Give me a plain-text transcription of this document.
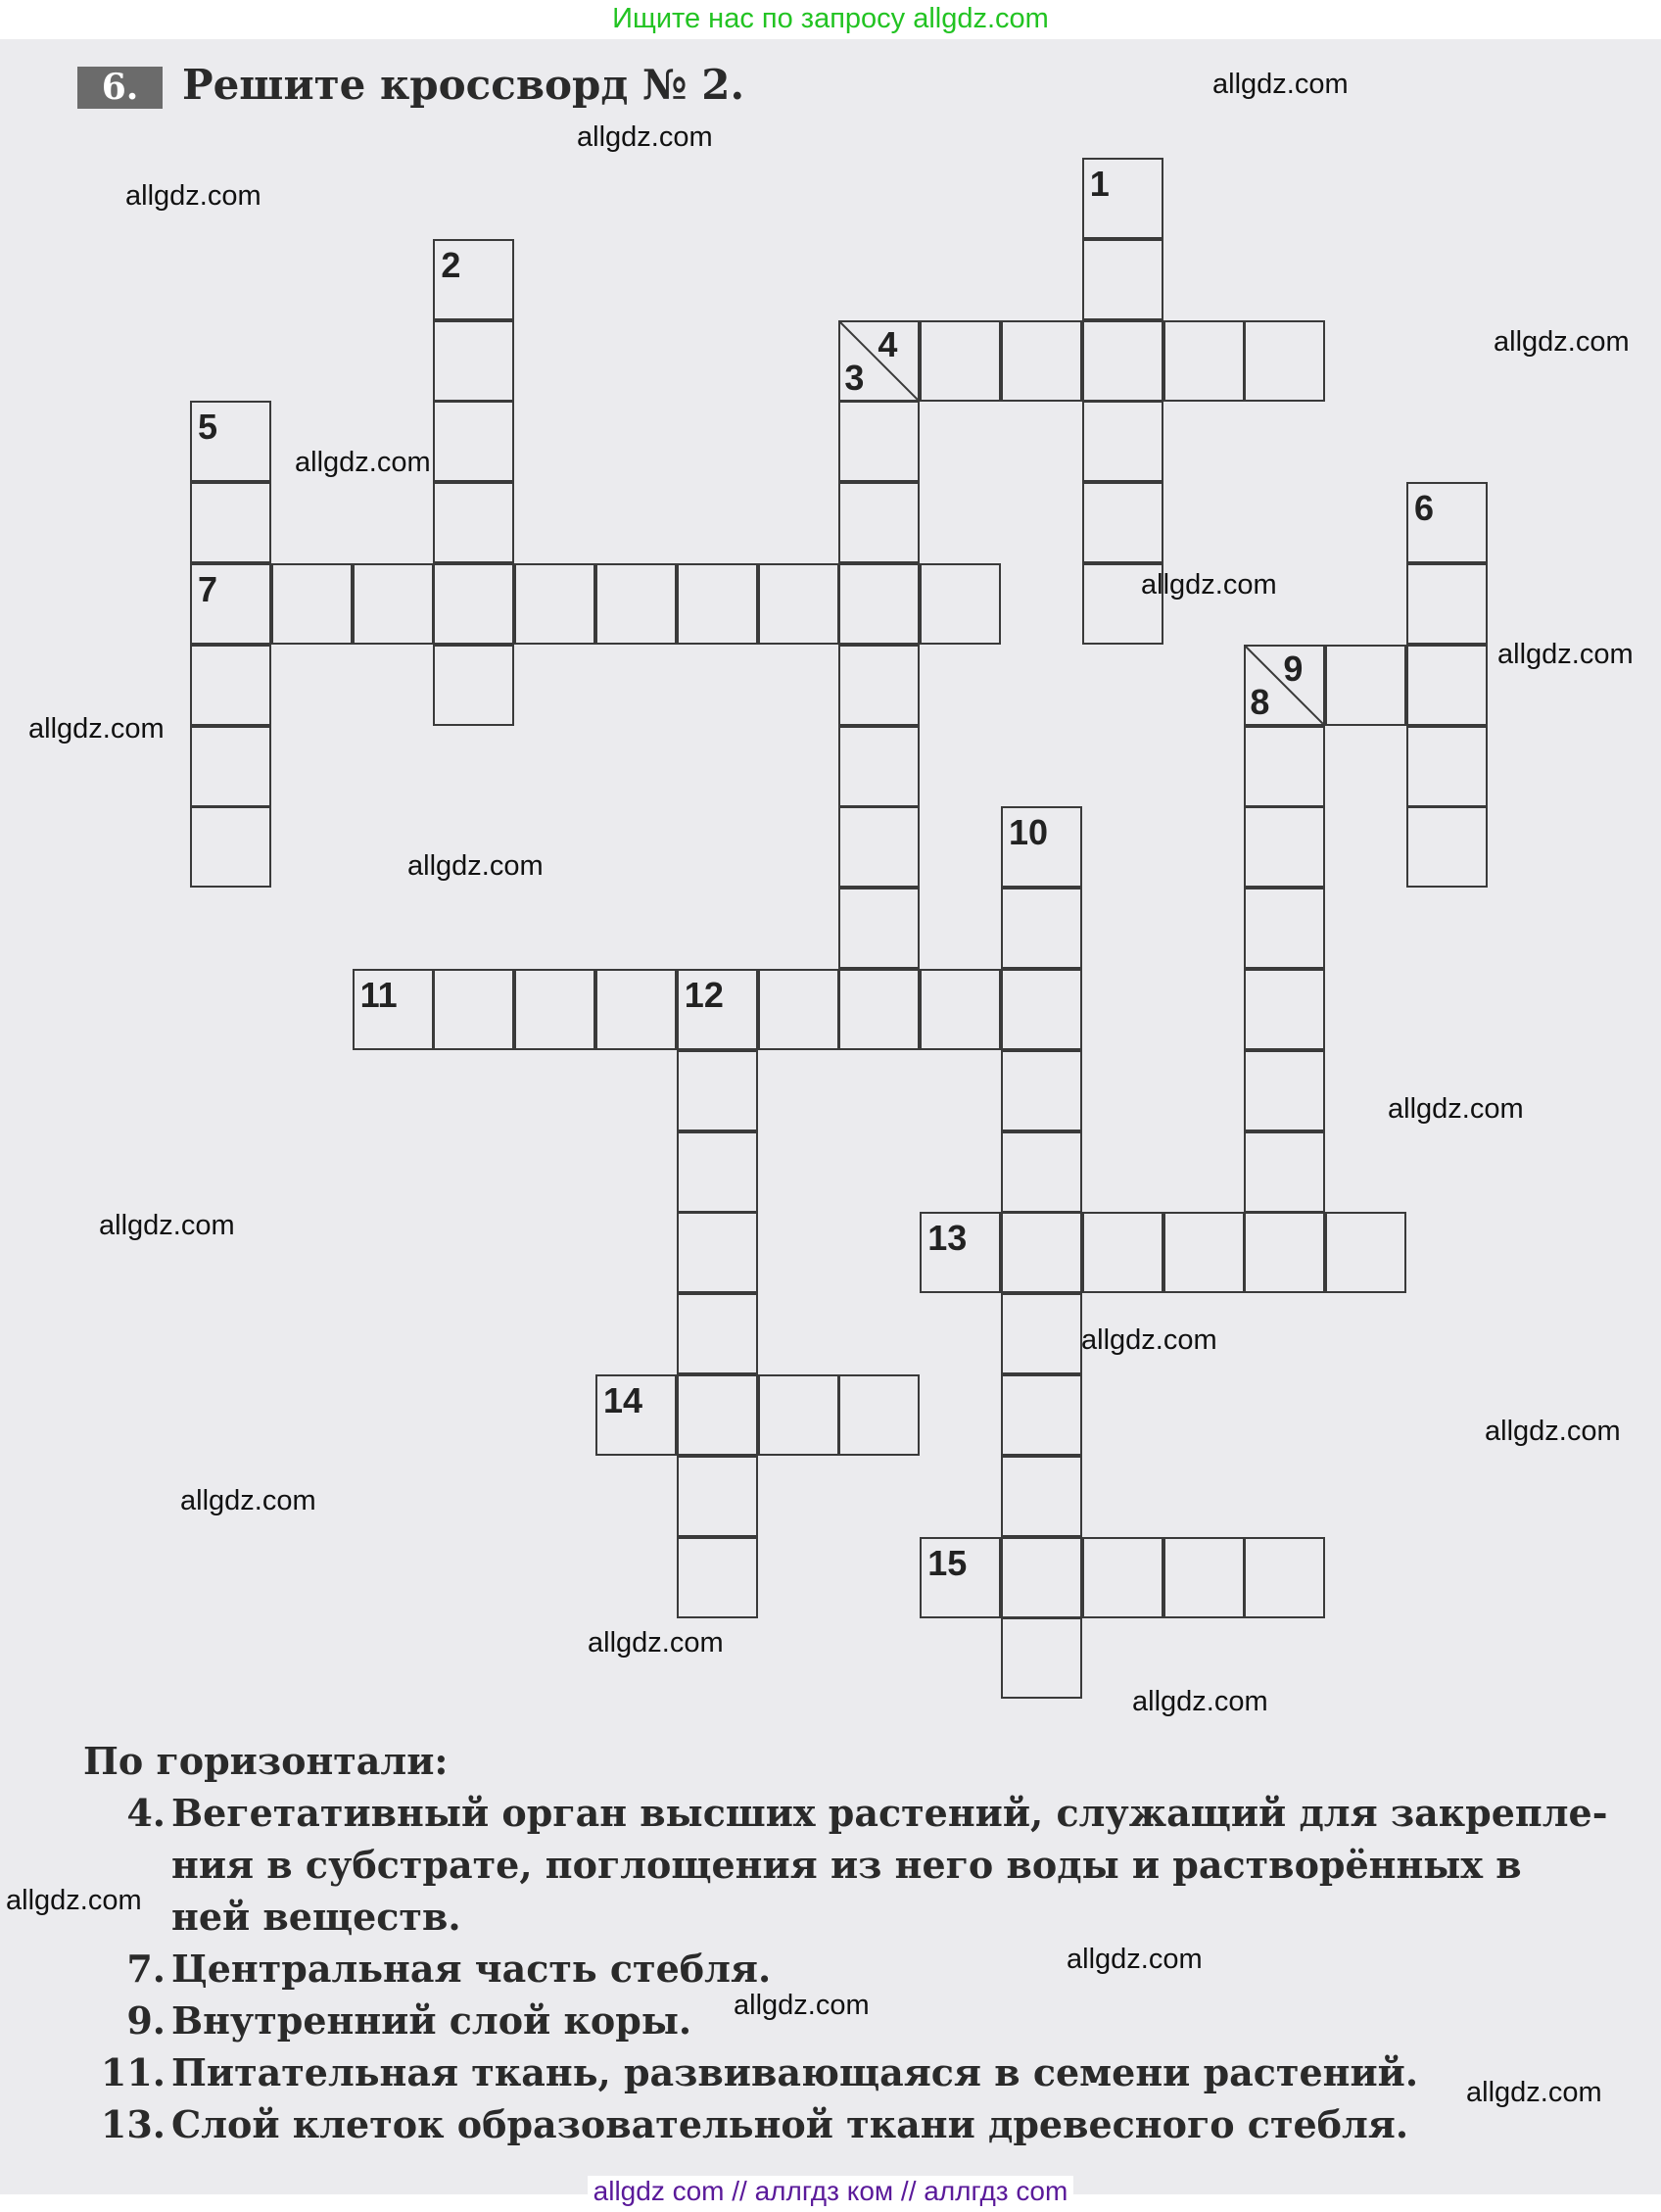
Ищите нас по запросу allgdz.com
6.	Решите кроссворд № 2.
1
2
3
4
5
6
7
8
9
10
11	12
13
14
15
По горизонтали:
4. Вегетативный орган высших растений, служащий для закрепле-ния в субстрате, поглощения из него воды и растворённых в ней веществ.
7. Центральная часть стебля.
9. Внутренний слой коры.
11. Питательная ткань, развивающаяся в семени растений.
13. Слой клеток образовательной ткани древесного стебля.
allgdz.com
allgdz.com
allgdz.com
allgdz.com
allgdz.com
allgdz.com
allgdz.com
allgdz.com
allgdz.com
allgdz.com
allgdz.com
allgdz.com
allgdz.com
allgdz.com
allgdz.com
allgdz.com
allgdz.com
allgdz.com
allgdz.com
allgdz.com
allgdz com // аллгдз ком // аллгдз com
